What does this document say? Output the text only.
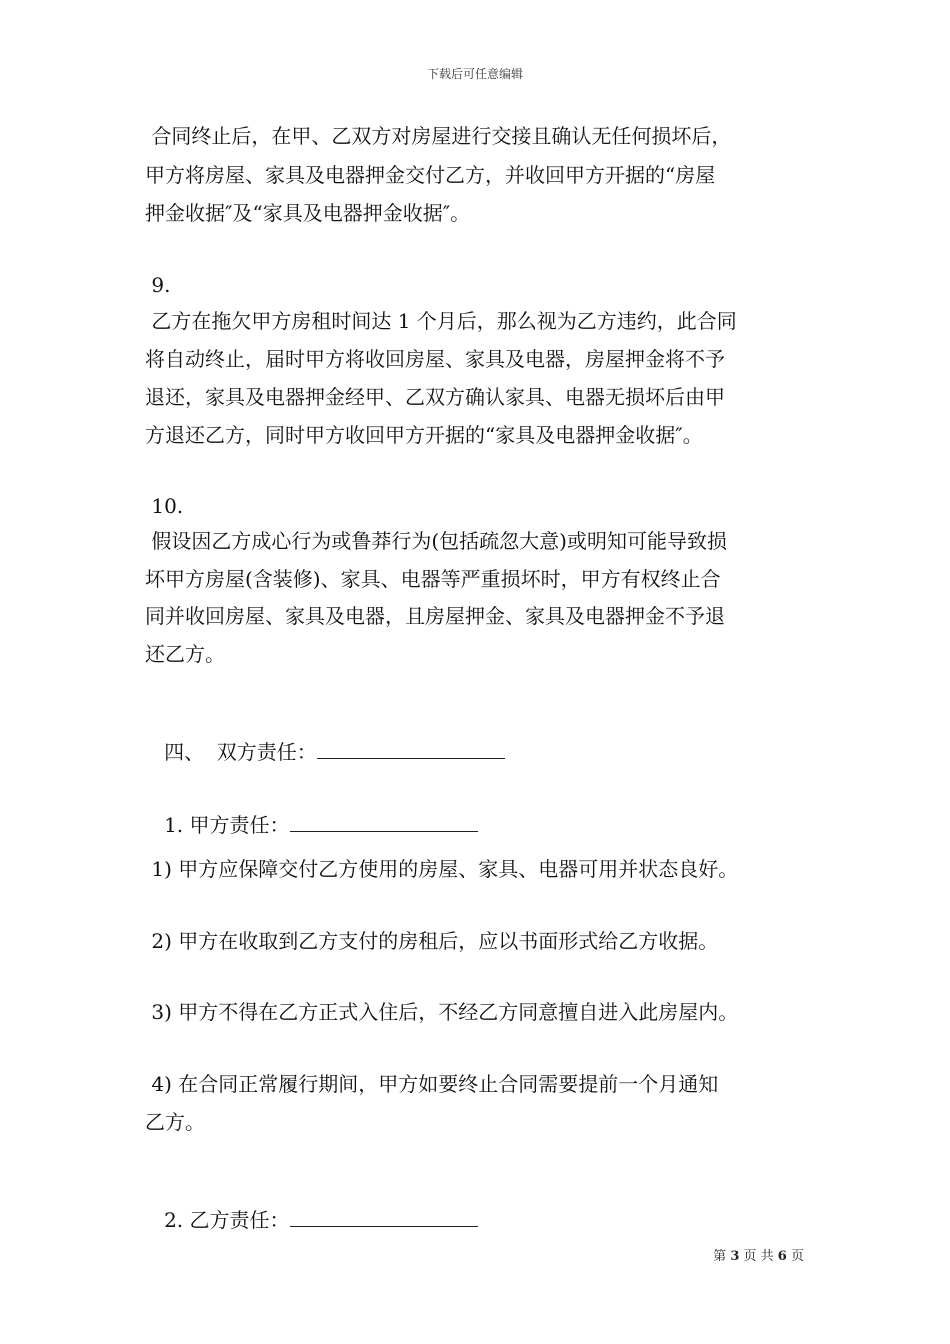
下载后可任意编辑
合同终止后，在甲、乙双方对房屋进行交接且确认无任何损坏后，
甲方将房屋、家具及电器押金交付乙方，并收回甲方开据的“房屋
押金收据″及“家具及电器押金收据″。
9.
乙方在拖欠甲方房租时间达 1 个月后，那么视为乙方违约，此合同
将自动终止，届时甲方将收回房屋、家具及电器，房屋押金将不予
退还，家具及电器押金经甲、乙双方确认家具、电器无损坏后由甲
方退还乙方，同时甲方收回甲方开据的“家具及电器押金收据″。
10.
假设因乙方成心行为或鲁莽行为(包括疏忽大意)或明知可能导致损
坏甲方房屋(含装修)、家具、电器等严重损坏时，甲方有权终止合
同并收回房屋、家具及电器，且房屋押金、家具及电器押金不予退
还乙方。

四、  双方责任：

1. 甲方责任：

1) 甲方应保障交付乙方使用的房屋、家具、电器可用并状态良好。
2) 甲方在收取到乙方支付的房租后，应以书面形式给乙方收据。
3) 甲方不得在乙方正式入住后，不经乙方同意擅自进入此房屋内。
4) 在合同正常履行期间，甲方如要终止合同需要提前一个月通知
乙方。

2. 乙方责任：

第 3 页 共 6 页
